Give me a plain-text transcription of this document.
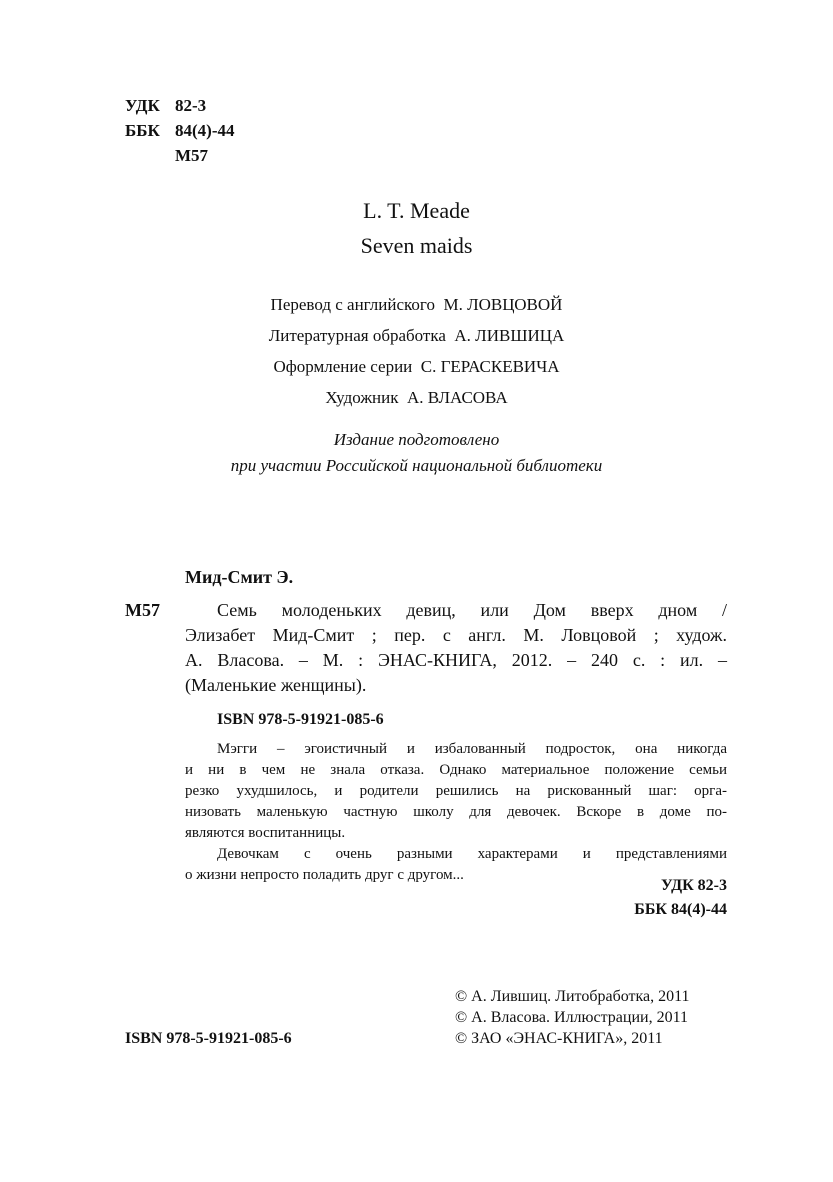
УДК 82-3
ББК 84(4)-44
М57
L. T. Meade
Seven maids
Перевод с английского  М. ЛОВЦОВОЙ
Литературная обработка  А. ЛИВШИЦА
Оформление серии  С. ГЕРАСКЕВИЧА
Художник  А. ВЛАСОВА
Издание подготовлено
при участии Российской национальной библиотеки
Мид-Смит Э.
М57	Семь молоденьких девиц, или Дом вверх дном /
Элизабет Мид-Смит ; пер. с англ. М. Ловцовой ; худож.
А. Власова. – М. : ЭНАС-КНИГА, 2012. – 240 с. : ил. –
(Маленькие женщины).
ISBN 978-5-91921-085-6
Мэгги – эгоистичный и избалованный подросток, она никогда
и ни в чем не знала отказа. Однако материальное положение семьи
резко ухудшилось, и родители решились на рискованный шаг: орга-
низовать маленькую частную школу для девочек. Вскоре в доме по-
являются воспитанницы.
Девочкам с очень разными характерами и представлениями
о жизни непросто поладить друг с другом...
УДК 82-3
ББК 84(4)-44
ISBN 978-5-91921-085-6
© А. Лившиц. Литобработка, 2011
© А. Власова. Иллюстрации, 2011
© ЗАО «ЭНАС-КНИГА», 2011
